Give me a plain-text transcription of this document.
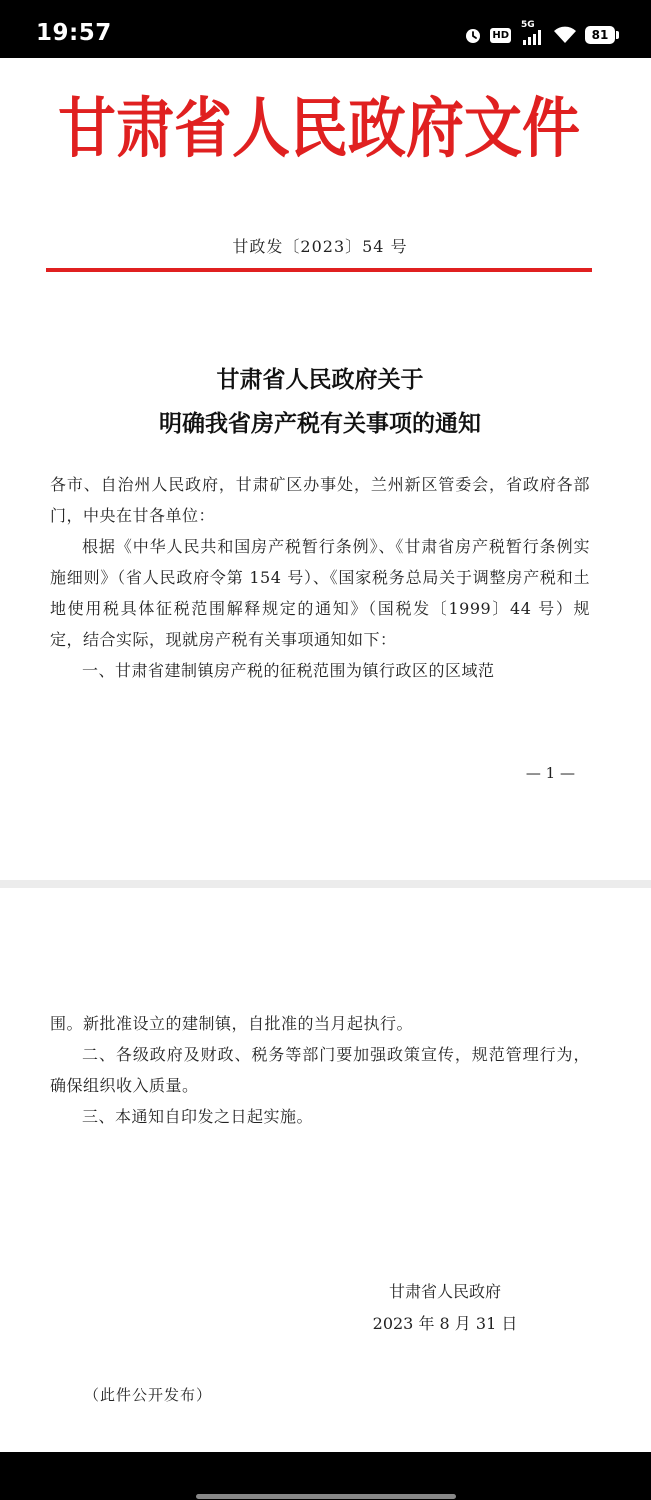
19:57	HD
5G
81
甘肃省人民政府文件
甘政发〔2023〕54 号
甘肃省人民政府关于
明确我省房产税有关事项的通知

各市、自治州人民政府，甘肃矿区办事处，兰州新区管委会，省政府各部门，中央在甘各单位：

根据《中华人民共和国房产税暂行条例》、《甘肃省房产税暂行条例实施细则》（省人民政府令第 154 号）、《国家税务总局关于调整房产税和土地使用税具体征税范围解释规定的通知》（国税发〔1999〕44 号）规定，结合实际，现就房产税有关事项通知如下：

一、甘肃省建制镇房产税的征税范围为镇行政区的区域范

— 1 —

围。新批准设立的建制镇，自批准的当月起执行。

二、各级政府及财政、税务等部门要加强政策宣传，规范管理行为，确保组织收入质量。

三、本通知自印发之日起实施。

甘肃省人民政府
2023 年 8 月 31 日
（此件公开发布）
